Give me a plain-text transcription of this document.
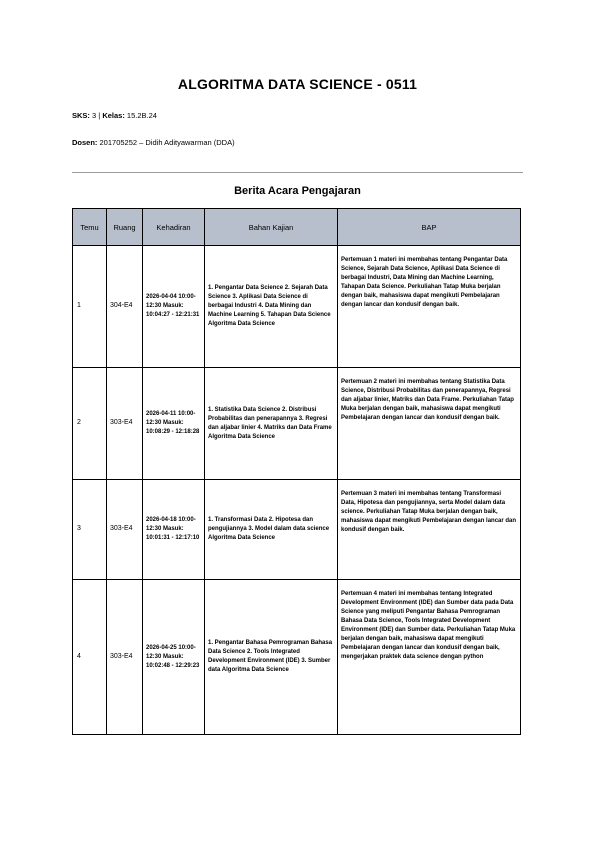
ALGORITMA DATA SCIENCE - 0511
SKS: 3 | Kelas: 15.2B.24
Dosen: 201705252 – Didih Adityawarman (DDA)
Berita Acara Pengajaran
Temu	Ruang	Kehadiran	Bahan Kajian	BAP
1	304-E4	2026-04-04 10:00-12:30 Masuk: 10:04:27 - 12:21:31	1. Pengantar Data Science 2. Sejarah Data Science 3. Aplikasi Data Science di berbagai Industri 4. Data Mining dan Machine Learning 5. Tahapan Data Science Algoritma Data Science	Pertemuan 1 materi ini membahas tentang Pengantar Data Science, Sejarah Data Science, Aplikasi Data Science di berbagai Industri, Data Mining dan Machine Learning, Tahapan Data Science. Perkuliahan Tatap Muka berjalan dengan baik, mahasiswa dapat mengikuti Pembelajaran dengan lancar dan kondusif dengan baik.
2	303-E4	2026-04-11 10:00-12:30 Masuk: 10:08:29 - 12:18:28	1. Statistika Data Science 2. Distribusi Probabilitas dan penerapannya 3. Regresi dan aljabar linier 4. Matriks dan Data Frame Algoritma Data Science	Pertemuan 2 materi ini membahas tentang Statistika Data Science, Distribusi Probabilitas dan penerapannya, Regresi dan aljabar linier, Matriks dan Data Frame. Perkuliahan Tatap Muka berjalan dengan baik, mahasiswa dapat mengikuti Pembelajaran dengan lancar dan kondusif dengan baik.
3	303-E4	2026-04-18 10:00-12:30 Masuk: 10:01:31 - 12:17:10	1. Transformasi Data 2. Hipotesa dan pengujiannya 3. Model dalam data science Algoritma Data Science	Pertemuan 3 materi ini membahas tentang Transformasi Data, Hipotesa dan pengujiannya, serta Model dalam data science. Perkuliahan Tatap Muka berjalan dengan baik, mahasiswa dapat mengikuti Pembelajaran dengan lancar dan kondusif dengan baik.
4	303-E4	2026-04-25 10:00-12:30 Masuk: 10:02:48 - 12:29:23	1. Pengantar Bahasa Pemrograman Bahasa Data Science 2. Tools Integrated Development Environment (IDE) 3. Sumber data Algoritma Data Science	Pertemuan 4 materi ini membahas tentang Integrated Development Environment (IDE) dan Sumber data pada Data Science yang meliputi Pengantar Bahasa Pemrograman Bahasa Data Science, Tools Integrated Development Environment (IDE) dan Sumber data. Perkuliahan Tatap Muka berjalan dengan baik, mahasiswa dapat mengikuti Pembelajaran dengan lancar dan kondusif dengan baik, mengerjakan praktek data science dengan python
